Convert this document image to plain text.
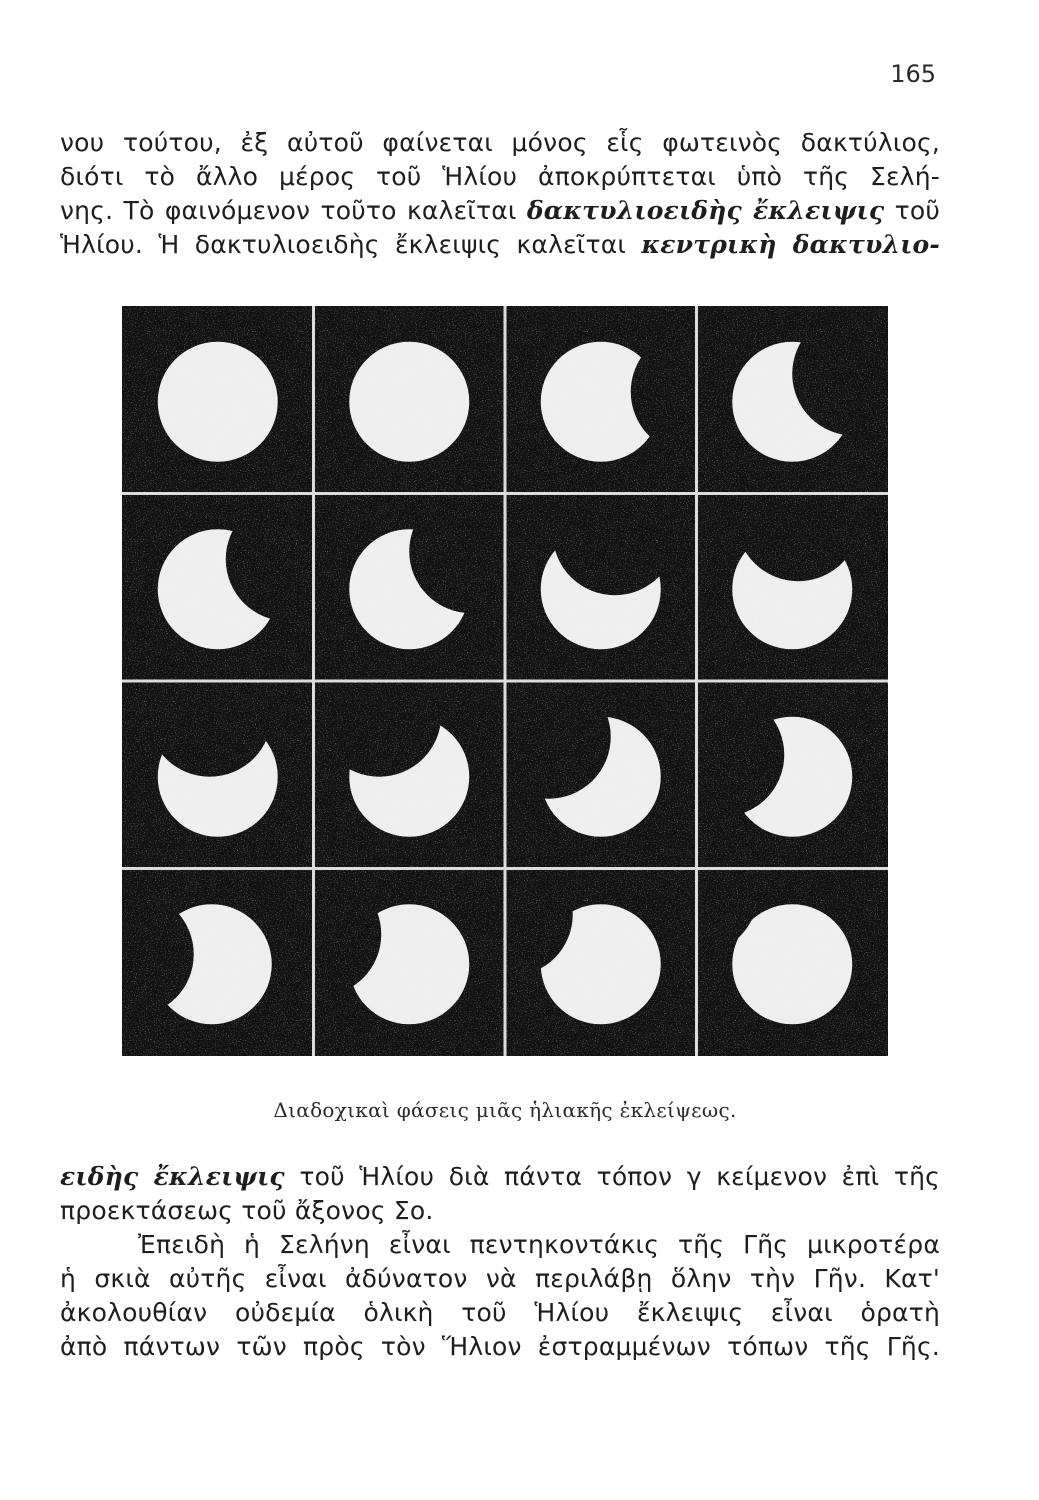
165
νου τούτου, ἐξ αὐτοῦ φαίνεται μόνος εἷς φωτεινὸς δακτύλιος,
διότι τὸ ἄλλο μέρος τοῦ Ἡλίου ἀποκρύπτεται ὑπὸ τῆς Σελή-
νης. Τὸ φαινόμενον τοῦτο καλεῖται δακτυλιοειδὴς ἔκλειψις τοῦ
Ἡλίου. Ἡ δακτυλιοειδὴς ἔκλειψις καλεῖται κεντρικὴ δακτυλιο-
Διαδοχικαὶ φάσεις μιᾶς ἡλιακῆς ἐκλείψεως.
ειδὴς ἔκλειψις τοῦ Ἡλίου διὰ πάντα τόπον γ κείμενον ἐπὶ τῆς
προεκτάσεως τοῦ ἄξονος Σο.
Ἐπειδὴ ἡ Σελήνη εἶναι πεντηκοντάκις τῆς Γῆς μικροτέρα
ἡ σκιὰ αὐτῆς εἶναι ἀδύνατον νὰ περιλάβῃ ὅλην τὴν Γῆν. Κατ'
ἀκολουθίαν οὐδεμία ὁλικὴ τοῦ Ἡλίου ἔκλειψις εἶναι ὁρατὴ
ἀπὸ πάντων τῶν πρὸς τὸν Ἥλιον ἐστραμμένων τόπων τῆς Γῆς.
